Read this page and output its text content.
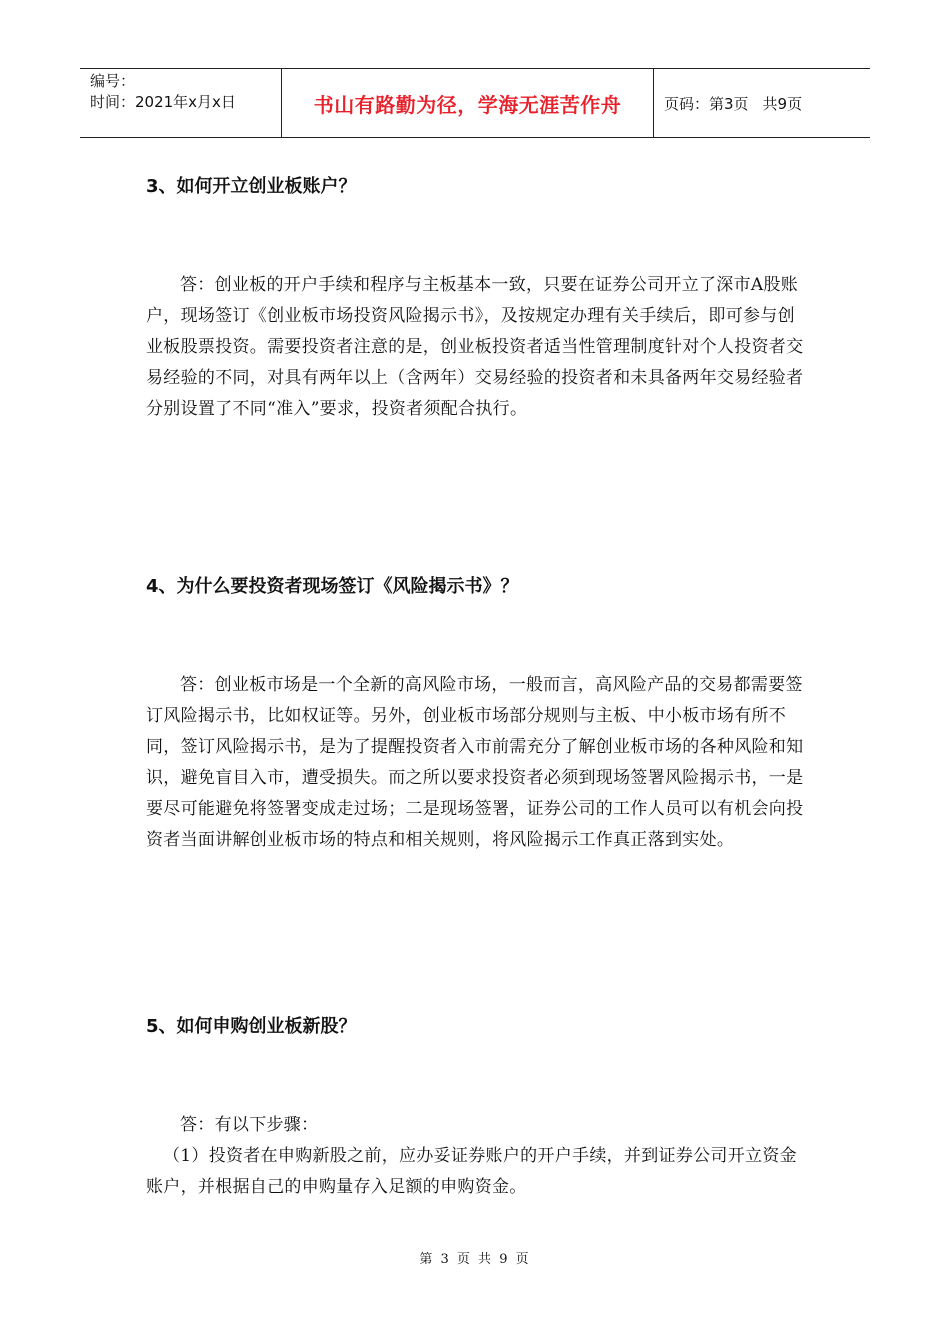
编号：
时间：2021年x月x日	书山有路勤为径，学海无涯苦作舟	页码：第3页 共9页
3、如何开立创业板账户？

答：创业板的开户手续和程序与主板基本一致，只要在证券公司开立了深市A股账户，现场签订《创业板市场投资风险揭示书》，及按规定办理有关手续后，即可参与创业板股票投资。需要投资者注意的是，创业板投资者适当性管理制度针对个人投资者交易经验的不同，对具有两年以上（含两年）交易经验的投资者和未具备两年交易经验者分别设置了不同“准入”要求，投资者须配合执行。

4、为什么要投资者现场签订《风险揭示书》？

答：创业板市场是一个全新的高风险市场，一般而言，高风险产品的交易都需要签订风险揭示书，比如权证等。另外，创业板市场部分规则与主板、中小板市场有所不同，签订风险揭示书，是为了提醒投资者入市前需充分了解创业板市场的各种风险和知识，避免盲目入市，遭受损失。而之所以要求投资者必须到现场签署风险揭示书，一是要尽可能避免将签署变成走过场；二是现场签署，证券公司的工作人员可以有机会向投资者当面讲解创业板市场的特点和相关规则，将风险揭示工作真正落到实处。

5、如何申购创业板新股？

答：有以下步骤：

（1）投资者在申购新股之前，应办妥证券账户的开户手续，并到证券公司开立资金账户，并根据自己的申购量存入足额的申购资金。

第 3 页 共 9 页
